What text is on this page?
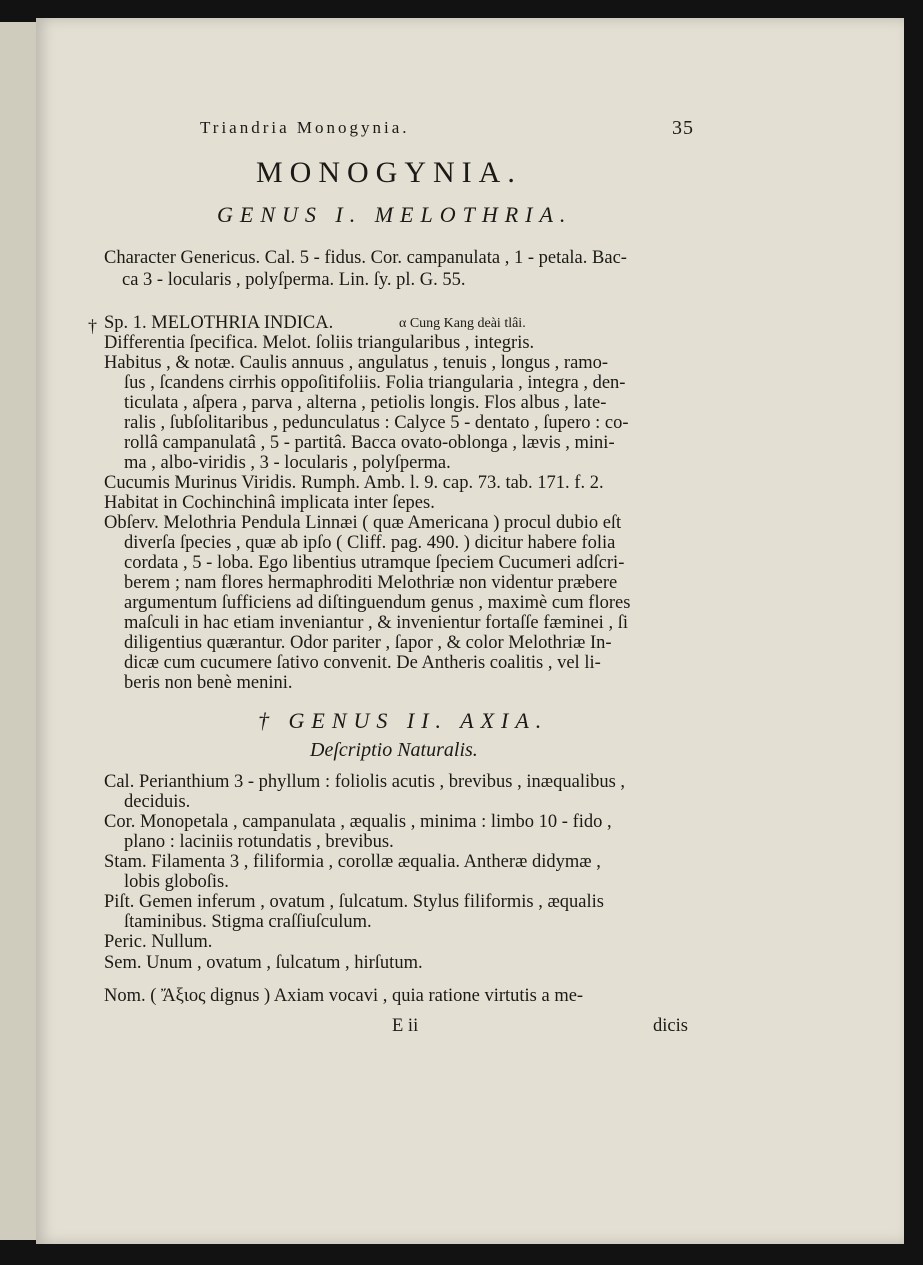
Triandria Monogynia.	35
MONOGYNIA.
GENUS I. MELOTHRIA.
Character Genericus. Cal. 5 - fidus. Cor. campanulata , 1 - petala. Bac-
ca 3 - locularis , polyſperma. Lin. ſy. pl. G. 55.
† Sp. 1. MELOTHRIA INDICA.	α Cung Kang deài tlâi.
Differentia ſpecifica. Melot. ſoliis triangularibus , integris.
Habitus , & notæ. Caulis annuus , angulatus , tenuis , longus , ramo-
ſus , ſcandens cirrhis oppoſitifoliis. Folia triangularia , integra , den-
ticulata , aſpera , parva , alterna , petiolis longis. Flos albus , late-
ralis , ſubſolitaribus , pedunculatus : Calyce 5 - dentato , ſupero : co-
rollâ campanulatâ , 5 - partitâ. Bacca ovato-oblonga , lævis , mini-
ma , albo-viridis , 3 - locularis , polyſperma.
Cucumis Murinus Viridis. Rumph. Amb. l. 9. cap. 73. tab. 171. f. 2.
Habitat in Cochinchinâ implicata inter ſepes.
Obſerv. Melothria Pendula Linnæi ( quæ Americana ) procul dubio eſt
diverſa ſpecies , quæ ab ipſo ( Cliff. pag. 490. ) dicitur habere folia
cordata , 5 - loba. Ego libentius utramque ſpeciem Cucumeri adſcri-
berem ; nam flores hermaphroditi Melothriæ non videntur præbere
argumentum ſufficiens ad diſtinguendum genus , maximè cum flores
maſculi in hac etiam inveniantur , & invenientur fortaſſe fæminei , ſi
diligentius quærantur. Odor pariter , ſapor , & color Melothriæ In-
dicæ cum cucumere ſativo convenit. De Antheris coalitis , vel li-
beris non benè menini.
† GENUS II. AXIA.
Deſcriptio Naturalis.
Cal. Perianthium 3 - phyllum : foliolis acutis , brevibus , inæqualibus ,
deciduis.
Cor. Monopetala , campanulata , æqualis , minima : limbo 10 - fido ,
plano : laciniis rotundatis , brevibus.
Stam. Filamenta 3 , filiformia , corollæ æqualia. Antheræ didymæ ,
lobis globoſis.
Piſt. Gemen inferum , ovatum , ſulcatum. Stylus filiformis , æqualis
ſtaminibus. Stigma craſſiuſculum.
Peric. Nullum.
Sem. Unum , ovatum , ſulcatum , hirſutum.
Nom. ( Ἄξιος dignus ) Axiam vocavi , quia ratione virtutis a me-
E ii	dicis
